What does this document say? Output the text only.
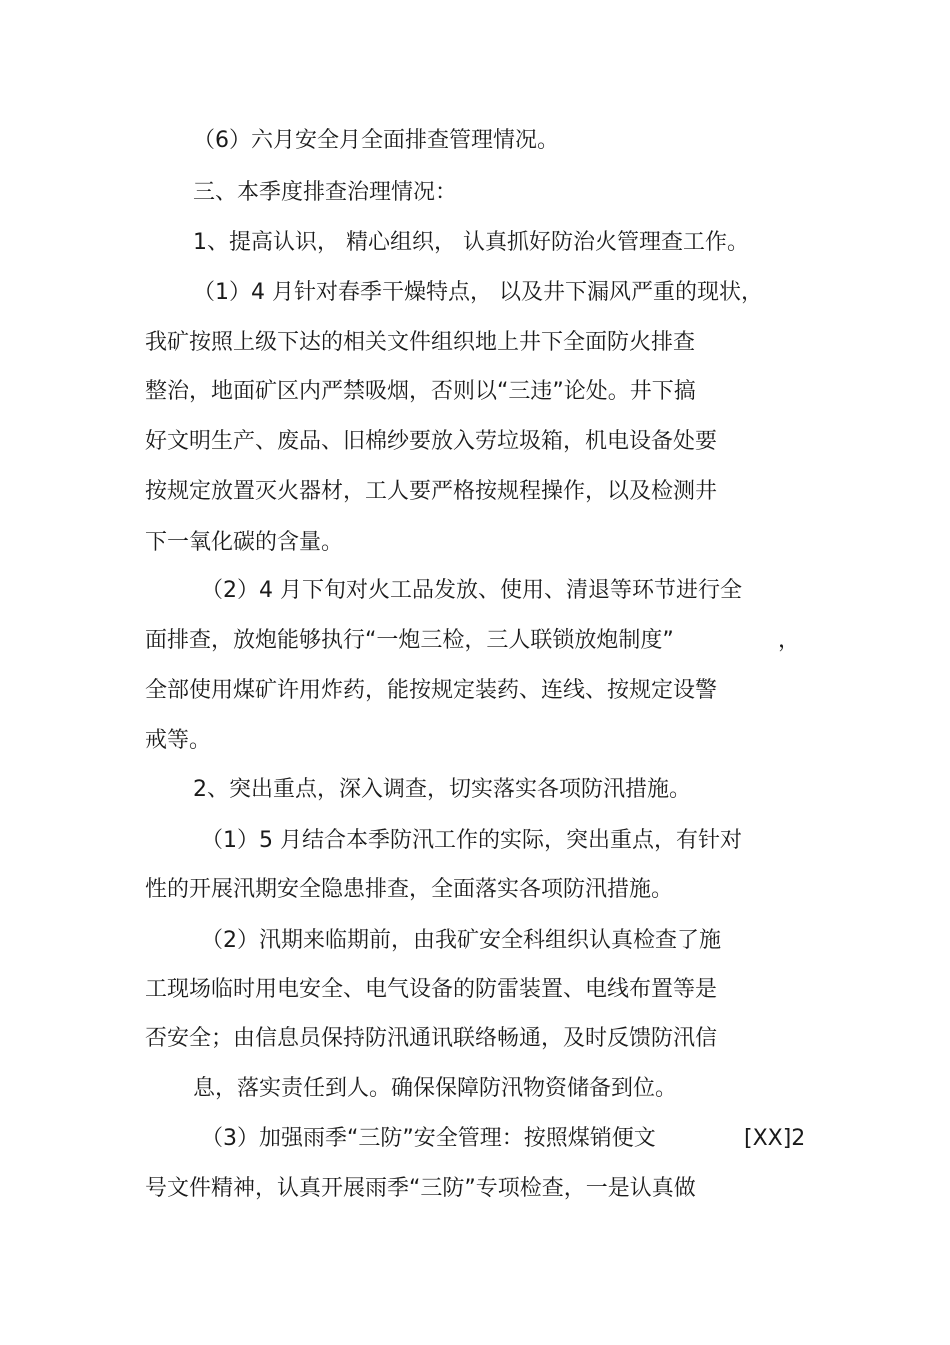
（6）六月安全月全面排查管理情况。
三、本季度排查治理情况：
1、提高认识， 精心组织， 认真抓好防治火管理查工作。
（1）4 月针对春季干燥特点， 以及井下漏风严重的现状，
我矿按照上级下达的相关文件组织地上井下全面防火排查
整治，地面矿区内严禁吸烟，否则以“三违”论处。井下搞
好文明生产、废品、旧棉纱要放入劳垃圾箱，机电设备处要
按规定放置灭火器材，工人要严格按规程操作，以及检测井
下一氧化碳的含量。
（2）4 月下旬对火工品发放、使用、清退等环节进行全
面排查，放炮能够执行“一炮三检，三人联锁放炮制度”	，
全部使用煤矿许用炸药，能按规定装药、连线、按规定设警
戒等。
2、突出重点，深入调查，切实落实各项防汛措施。
（1）5 月结合本季防汛工作的实际，突出重点，有针对
性的开展汛期安全隐患排查，全面落实各项防汛措施。
（2）汛期来临期前，由我矿安全科组织认真检查了施
工现场临时用电安全、电气设备的防雷装置、电线布置等是
否安全；由信息员保持防汛通讯联络畅通，及时反馈防汛信
息，落实责任到人。确保保障防汛物资储备到位。
（3）加强雨季“三防”安全管理：按照煤销便文	[XX]2
号文件精神，认真开展雨季“三防”专项检查，一是认真做
